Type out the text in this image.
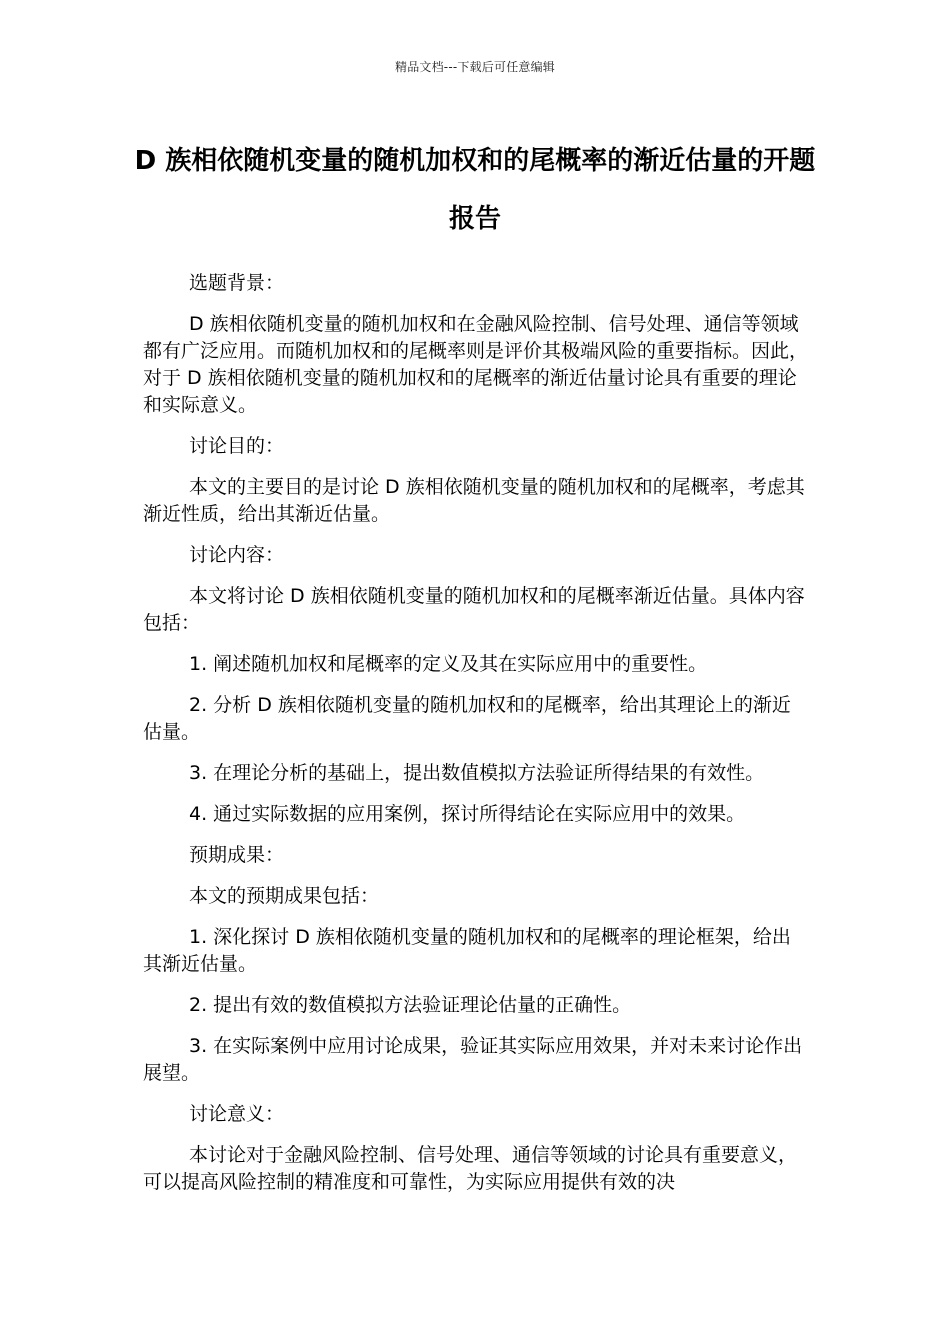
精品文档---下载后可任意编辑
D 族相依随机变量的随机加权和的尾概率的渐近估量的开题报告

选题背景：

D 族相依随机变量的随机加权和在金融风险控制、信号处理、通信等领域都有广泛应用。而随机加权和的尾概率则是评价其极端风险的重要指标。因此，对于 D 族相依随机变量的随机加权和的尾概率的渐近估量讨论具有重要的理论和实际意义。

讨论目的：

本文的主要目的是讨论 D 族相依随机变量的随机加权和的尾概率，考虑其渐近性质，给出其渐近估量。

讨论内容：

本文将讨论 D 族相依随机变量的随机加权和的尾概率渐近估量。具体内容包括：

1. 阐述随机加权和尾概率的定义及其在实际应用中的重要性。

2. 分析 D 族相依随机变量的随机加权和的尾概率，给出其理论上的渐近估量。

3. 在理论分析的基础上，提出数值模拟方法验证所得结果的有效性。

4. 通过实际数据的应用案例，探讨所得结论在实际应用中的效果。

预期成果：

本文的预期成果包括：

1. 深化探讨 D 族相依随机变量的随机加权和的尾概率的理论框架，给出其渐近估量。

2. 提出有效的数值模拟方法验证理论估量的正确性。

3. 在实际案例中应用讨论成果，验证其实际应用效果，并对未来讨论作出展望。

讨论意义：

本讨论对于金融风险控制、信号处理、通信等领域的讨论具有重要意义，可以提高风险控制的精准度和可靠性，为实际应用提供有效的决
